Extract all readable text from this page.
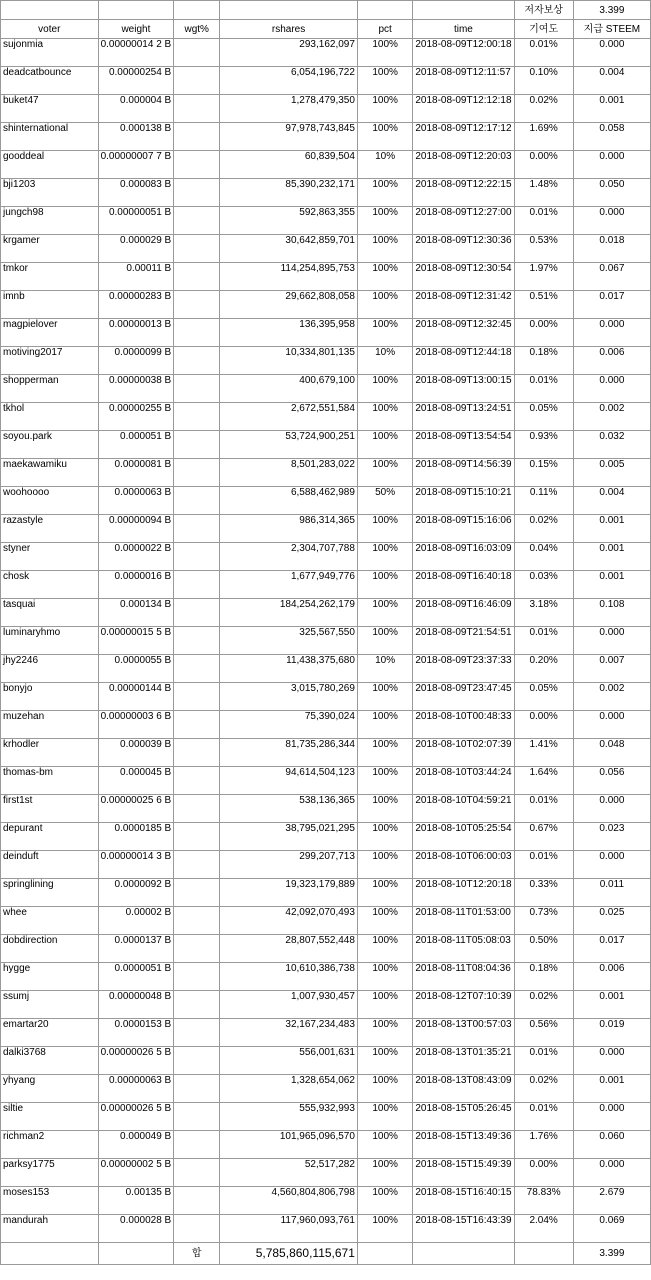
						저자보상	3.399
voter	weight	wgt%	rshares	pct	time	기여도	지급 STEEM
sujonmia	0.00000014 2 B		293,162,097	100%	2018-08-09T12:00:18	0.01%	0.000
deadcatbounce	0.00000254 B		6,054,196,722	100%	2018-08-09T12:11:57	0.10%	0.004
buket47	0.000004 B		1,278,479,350	100%	2018-08-09T12:12:18	0.02%	0.001
shinternational	0.000138 B		97,978,743,845	100%	2018-08-09T12:17:12	1.69%	0.058
gooddeal	0.00000007 7 B		60,839,504	10%	2018-08-09T12:20:03	0.00%	0.000
bji1203	0.000083 B		85,390,232,171	100%	2018-08-09T12:22:15	1.48%	0.050
jungch98	0.00000051 B		592,863,355	100%	2018-08-09T12:27:00	0.01%	0.000
krgamer	0.000029 B		30,642,859,701	100%	2018-08-09T12:30:36	0.53%	0.018
tmkor	0.00011 B		114,254,895,753	100%	2018-08-09T12:30:54	1.97%	0.067
imnb	0.00000283 B		29,662,808,058	100%	2018-08-09T12:31:42	0.51%	0.017
magpielover	0.00000013 B		136,395,958	100%	2018-08-09T12:32:45	0.00%	0.000
motiving2017	0.0000099 B		10,334,801,135	10%	2018-08-09T12:44:18	0.18%	0.006
shopperman	0.00000038 B		400,679,100	100%	2018-08-09T13:00:15	0.01%	0.000
tkhol	0.00000255 B		2,672,551,584	100%	2018-08-09T13:24:51	0.05%	0.002
soyou.park	0.000051 B		53,724,900,251	100%	2018-08-09T13:54:54	0.93%	0.032
maekawamiku	0.0000081 B		8,501,283,022	100%	2018-08-09T14:56:39	0.15%	0.005
woohoooo	0.0000063 B		6,588,462,989	50%	2018-08-09T15:10:21	0.11%	0.004
razastyle	0.00000094 B		986,314,365	100%	2018-08-09T15:16:06	0.02%	0.001
styner	0.0000022 B		2,304,707,788	100%	2018-08-09T16:03:09	0.04%	0.001
chosk	0.0000016 B		1,677,949,776	100%	2018-08-09T16:40:18	0.03%	0.001
tasquai	0.000134 B		184,254,262,179	100%	2018-08-09T16:46:09	3.18%	0.108
luminaryhmo	0.00000015 5 B		325,567,550	100%	2018-08-09T21:54:51	0.01%	0.000
jhy2246	0.0000055 B		11,438,375,680	10%	2018-08-09T23:37:33	0.20%	0.007
bonyjo	0.00000144 B		3,015,780,269	100%	2018-08-09T23:47:45	0.05%	0.002
muzehan	0.00000003 6 B		75,390,024	100%	2018-08-10T00:48:33	0.00%	0.000
krhodler	0.000039 B		81,735,286,344	100%	2018-08-10T02:07:39	1.41%	0.048
thomas-bm	0.000045 B		94,614,504,123	100%	2018-08-10T03:44:24	1.64%	0.056
first1st	0.00000025 6 B		538,136,365	100%	2018-08-10T04:59:21	0.01%	0.000
depurant	0.0000185 B		38,795,021,295	100%	2018-08-10T05:25:54	0.67%	0.023
deinduft	0.00000014 3 B		299,207,713	100%	2018-08-10T06:00:03	0.01%	0.000
springlining	0.0000092 B		19,323,179,889	100%	2018-08-10T12:20:18	0.33%	0.011
whee	0.00002 B		42,092,070,493	100%	2018-08-11T01:53:00	0.73%	0.025
dobdirection	0.0000137 B		28,807,552,448	100%	2018-08-11T05:08:03	0.50%	0.017
hygge	0.0000051 B		10,610,386,738	100%	2018-08-11T08:04:36	0.18%	0.006
ssumj	0.00000048 B		1,007,930,457	100%	2018-08-12T07:10:39	0.02%	0.001
emartar20	0.0000153 B		32,167,234,483	100%	2018-08-13T00:57:03	0.56%	0.019
dalki3768	0.00000026 5 B		556,001,631	100%	2018-08-13T01:35:21	0.01%	0.000
yhyang	0.00000063 B		1,328,654,062	100%	2018-08-13T08:43:09	0.02%	0.001
siltie	0.00000026 5 B		555,932,993	100%	2018-08-15T05:26:45	0.01%	0.000
richman2	0.000049 B		101,965,096,570	100%	2018-08-15T13:49:36	1.76%	0.060
parksy1775	0.00000002 5 B		52,517,282	100%	2018-08-15T15:49:39	0.00%	0.000
moses153	0.00135 B		4,560,804,806,798	100%	2018-08-15T16:40:15	78.83%	2.679
mandurah	0.000028 B		117,960,093,761	100%	2018-08-15T16:43:39	2.04%	0.069
		합	5,785,860,115,671				3.399
